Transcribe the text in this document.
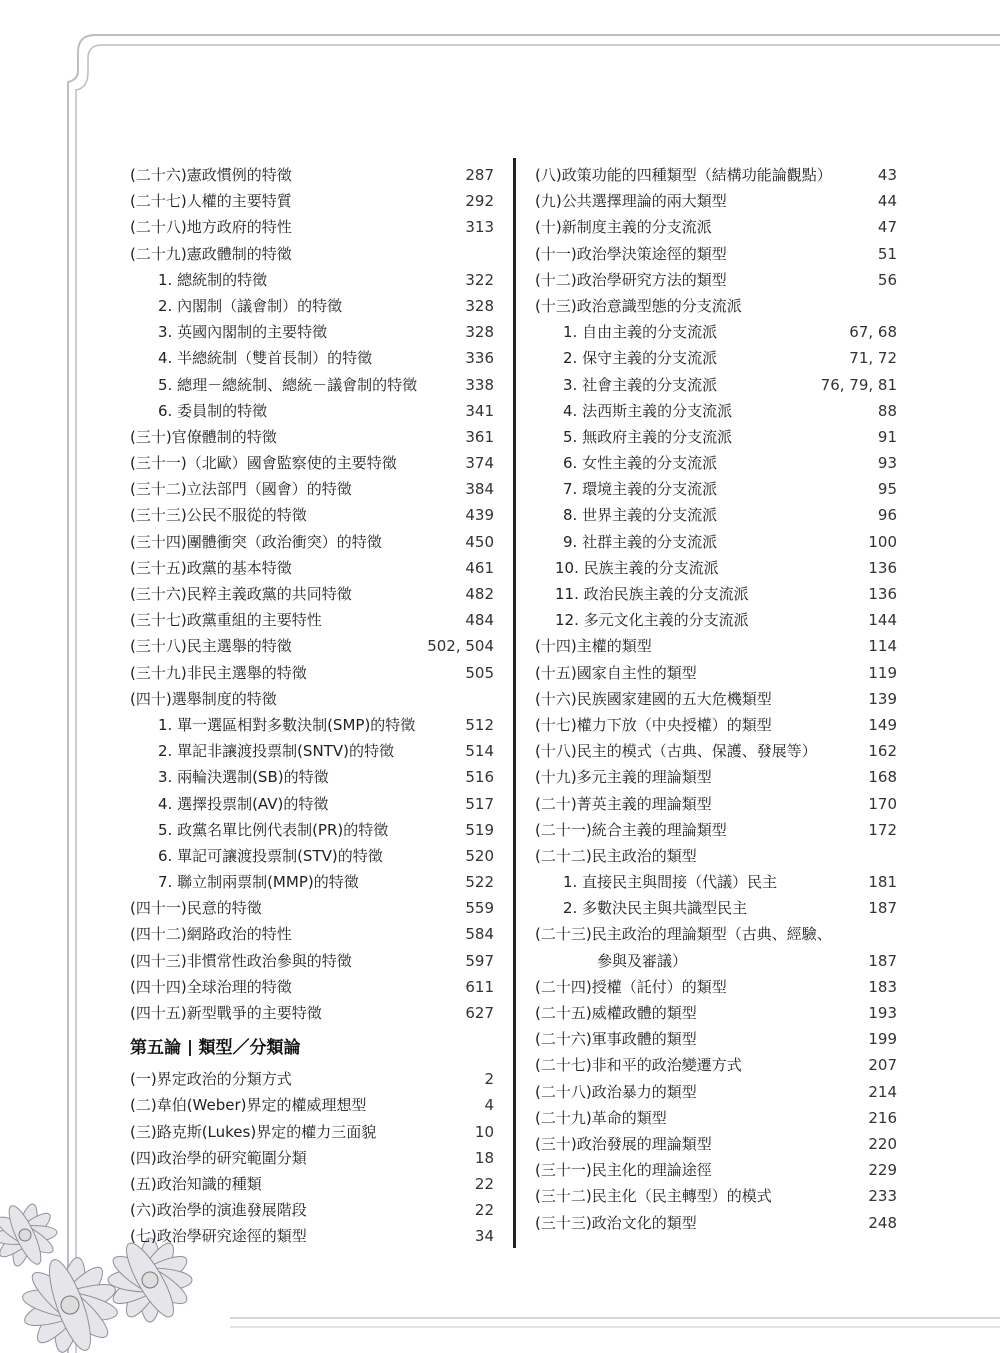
(二十六)憲政慣例的特徵	287
(二十七)人權的主要特質	292
(二十八)地方政府的特性	313
(二十九)憲政體制的特徵
1. 總統制的特徵	322
2. 內閣制（議會制）的特徵	328
3. 英國內閣制的主要特徵	328
4. 半總統制（雙首長制）的特徵	336
5. 總理－總統制、總統－議會制的特徵	338
6. 委員制的特徵	341
(三十)官僚體制的特徵	361
(三十一)（北歐）國會監察使的主要特徵	374
(三十二)立法部門（國會）的特徵	384
(三十三)公民不服從的特徵	439
(三十四)團體衝突（政治衝突）的特徵	450
(三十五)政黨的基本特徵	461
(三十六)民粹主義政黨的共同特徵	482
(三十七)政黨重組的主要特性	484
(三十八)民主選舉的特徵	502, 504
(三十九)非民主選舉的特徵	505
(四十)選舉制度的特徵
1. 單一選區相對多數決制(SMP)的特徵	512
2. 單記非讓渡投票制(SNTV)的特徵	514
3. 兩輪決選制(SB)的特徵	516
4. 選擇投票制(AV)的特徵	517
5. 政黨名單比例代表制(PR)的特徵	519
6. 單記可讓渡投票制(STV)的特徵	520
7. 聯立制兩票制(MMP)的特徵	522
(四十一)民意的特徵	559
(四十二)網路政治的特性	584
(四十三)非慣常性政治參與的特徵	597
(四十四)全球治理的特徵	611
(四十五)新型戰爭的主要特徵	627
第五論 類型／分類論
(一)界定政治的分類方式	2
(二)韋伯(Weber)界定的權威理想型	4
(三)路克斯(Lukes)界定的權力三面貌	10
(四)政治學的研究範圍分類	18
(五)政治知識的種類	22
(六)政治學的演進發展階段	22
(七)政治學研究途徑的類型	34
(八)政策功能的四種類型（結構功能論觀點）	43
(九)公共選擇理論的兩大類型	44
(十)新制度主義的分支流派	47
(十一)政治學決策途徑的類型	51
(十二)政治學研究方法的類型	56
(十三)政治意識型態的分支流派
1. 自由主義的分支流派	67, 68
2. 保守主義的分支流派	71, 72
3. 社會主義的分支流派	76, 79, 81
4. 法西斯主義的分支流派	88
5. 無政府主義的分支流派	91
6. 女性主義的分支流派	93
7. 環境主義的分支流派	95
8. 世界主義的分支流派	96
9. 社群主義的分支流派	100
10. 民族主義的分支流派	136
11. 政治民族主義的分支流派	136
12. 多元文化主義的分支流派	144
(十四)主權的類型	114
(十五)國家自主性的類型	119
(十六)民族國家建國的五大危機類型	139
(十七)權力下放（中央授權）的類型	149
(十八)民主的模式（古典、保護、發展等）	162
(十九)多元主義的理論類型	168
(二十)菁英主義的理論類型	170
(二十一)統合主義的理論類型	172
(二十二)民主政治的類型
1. 直接民主與間接（代議）民主	181
2. 多數決民主與共識型民主	187
(二十三)民主政治的理論類型（古典、經驗、
參與及審議）	187
(二十四)授權（託付）的類型	183
(二十五)威權政體的類型	193
(二十六)軍事政體的類型	199
(二十七)非和平的政治變遷方式	207
(二十八)政治暴力的類型	214
(二十九)革命的類型	216
(三十)政治發展的理論類型	220
(三十一)民主化的理論途徑	229
(三十二)民主化（民主轉型）的模式	233
(三十三)政治文化的類型	248
